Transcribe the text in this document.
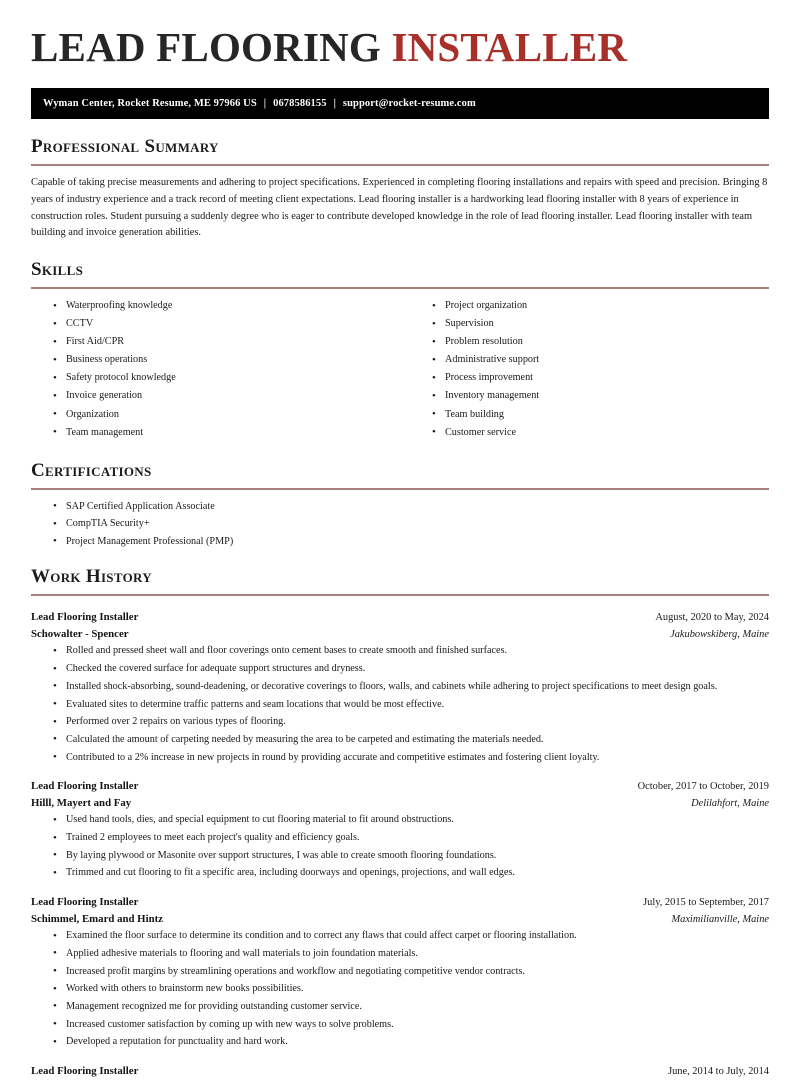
LEAD FLOORING INSTALLER
Wyman Center, Rocket Resume, ME 97966 US | 0678586155 | support@rocket-resume.com
Professional Summary

Capable of taking precise measurements and adhering to project specifications. Experienced in completing flooring installations and repairs with speed and precision. Bringing 8 years of industry experience and a track record of meeting client expectations. Lead flooring installer is a hardworking lead flooring installer with 8 years of experience in construction roles. Student pursuing a suddenly degree who is eager to contribute developed knowledge in the role of lead flooring installer. Lead flooring installer with team building and invoice generation abilities.

Skills
• Waterproofing knowledge
• CCTV
• First Aid/CPR
• Business operations
• Safety protocol knowledge
• Invoice generation
• Organization
• Team management
• Project organization
• Supervision
• Problem resolution
• Administrative support
• Process improvement
• Inventory management
• Team building
• Customer service
Certifications
• SAP Certified Application Associate
• CompTIA Security+
• Project Management Professional (PMP)
Work History
Lead Flooring Installer	August, 2020 to May, 2024
Schowalter - Spencer	Jakubowskiberg, Maine
• Rolled and pressed sheet wall and floor coverings onto cement bases to create smooth and finished surfaces.
• Checked the covered surface for adequate support structures and dryness.
• Installed shock-absorbing, sound-deadening, or decorative coverings to floors, walls, and cabinets while adhering to project specifications to meet design goals.
• Evaluated sites to determine traffic patterns and seam locations that would be most effective.
• Performed over 2 repairs on various types of flooring.
• Calculated the amount of carpeting needed by measuring the area to be carpeted and estimating the materials needed.
• Contributed to a 2% increase in new projects in round by providing accurate and competitive estimates and fostering client loyalty.
Lead Flooring Installer	October, 2017 to October, 2019
Hilll, Mayert and Fay	Delilahfort, Maine
• Used hand tools, dies, and special equipment to cut flooring material to fit around obstructions.
• Trained 2 employees to meet each project's quality and efficiency goals.
• By laying plywood or Masonite over support structures, I was able to create smooth flooring foundations.
• Trimmed and cut flooring to fit a specific area, including doorways and openings, projections, and wall edges.
Lead Flooring Installer	July, 2015 to September, 2017
Schimmel, Emard and Hintz	Maximilianville, Maine
• Examined the floor surface to determine its condition and to correct any flaws that could affect carpet or flooring installation.
• Applied adhesive materials to flooring and wall materials to join foundation materials.
• Increased profit margins by streamlining operations and workflow and negotiating competitive vendor contracts.
• Worked with others to brainstorm new books possibilities.
• Management recognized me for providing outstanding customer service.
• Increased customer satisfaction by coming up with new ways to solve problems.
• Developed a reputation for punctuality and hard work.
Lead Flooring Installer	June, 2014 to July, 2014
